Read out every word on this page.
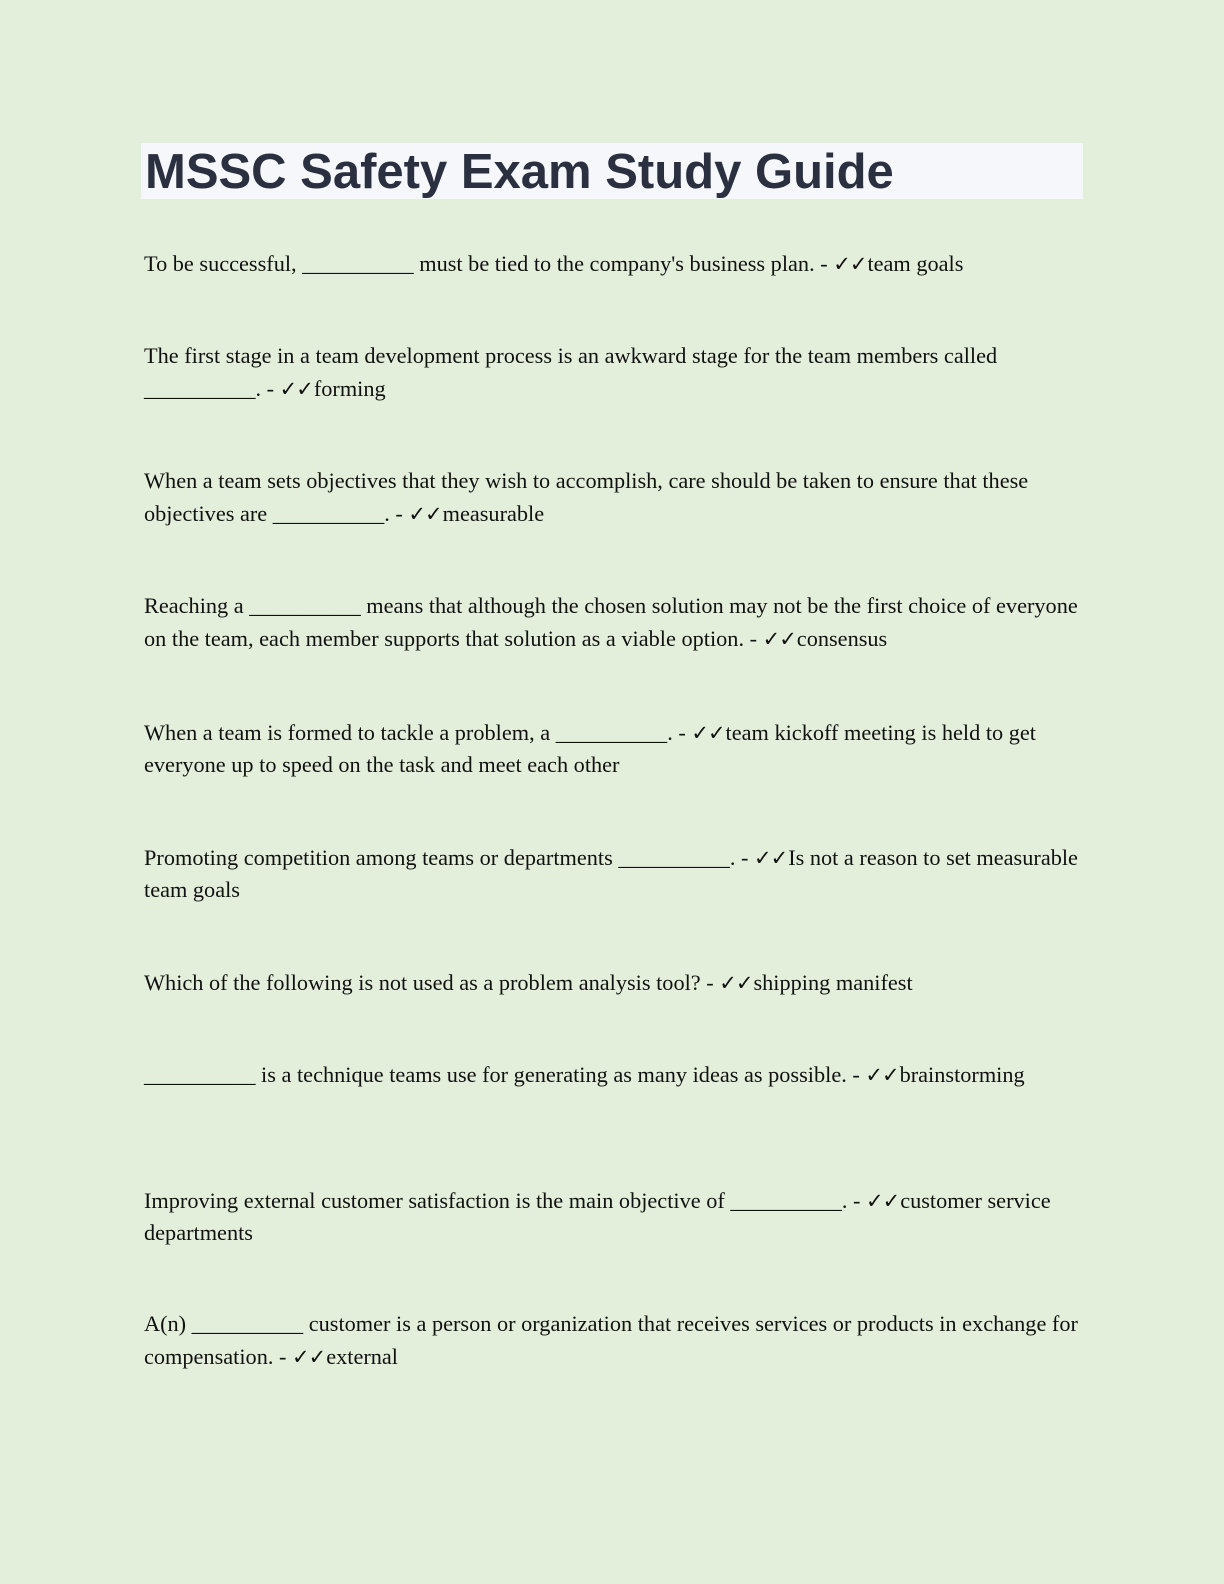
MSSC Safety Exam Study Guide

To be successful, __________ must be tied to the company's business plan. - ✓✓team goals

The first stage in a team development process is an awkward stage for the team members called __________. - ✓✓forming

When a team sets objectives that they wish to accomplish, care should be taken to ensure that these objectives are __________. - ✓✓measurable

Reaching a __________ means that although the chosen solution may not be the first choice of everyone on the team, each member supports that solution as a viable option. - ✓✓consensus

When a team is formed to tackle a problem, a __________. - ✓✓team kickoff meeting is held to get everyone up to speed on the task and meet each other

Promoting competition among teams or departments __________. - ✓✓Is not a reason to set measurable team goals

Which of the following is not used as a problem analysis tool? - ✓✓shipping manifest

__________ is a technique teams use for generating as many ideas as possible. - ✓✓brainstorming

Improving external customer satisfaction is the main objective of __________. - ✓✓customer service departments

A(n) __________ customer is a person or organization that receives services or products in exchange for compensation. - ✓✓external
